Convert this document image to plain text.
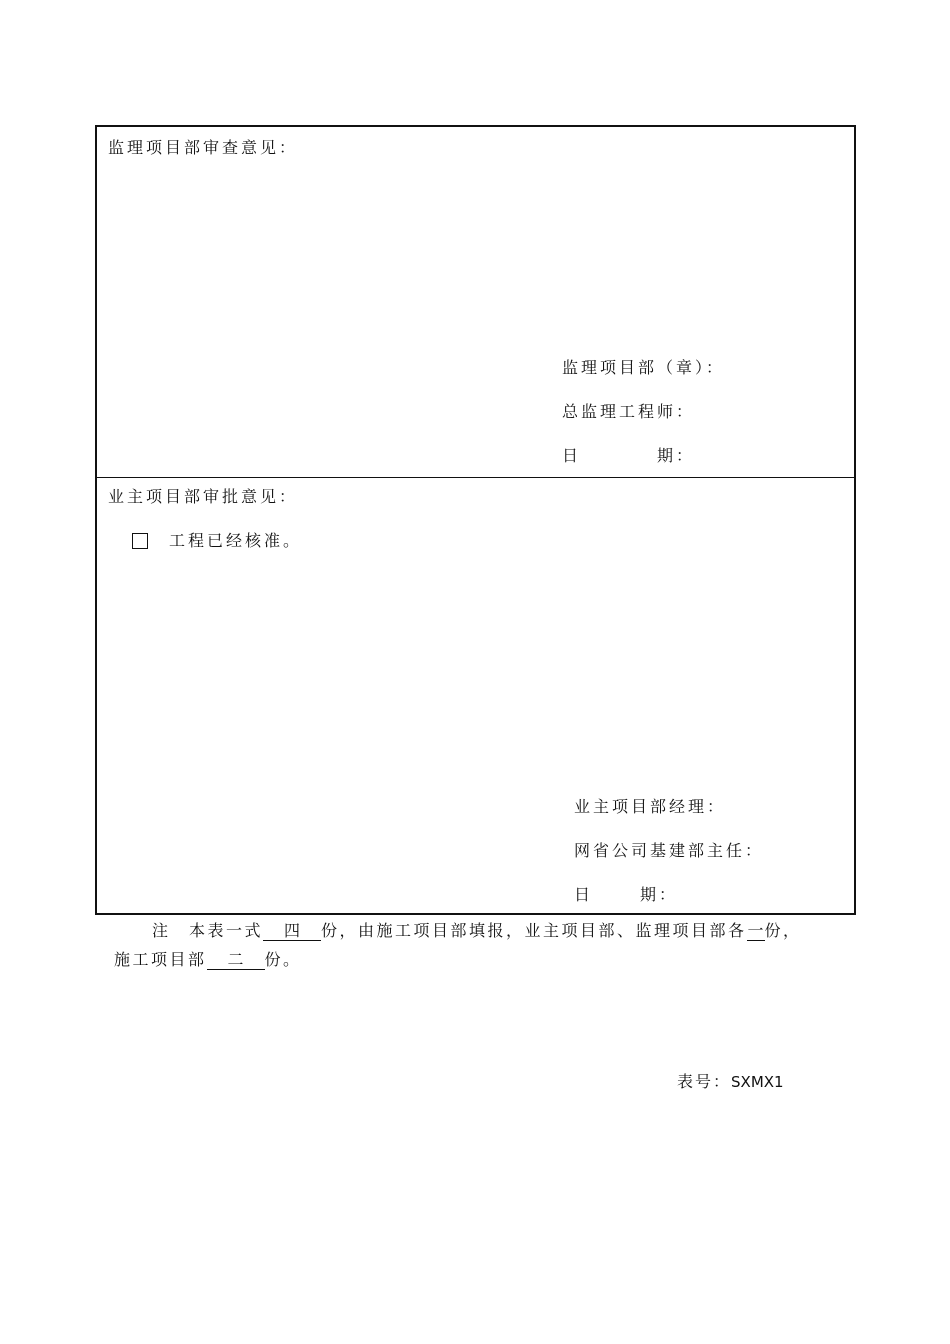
监理项目部审查意见：
监理项目部（章）：
总监理工程师：
日	期：
业主项目部审批意见：
工程已经核准。
业主项目部经理：
网省公司基建部主任：
日	期：
注　本表一式 四 份，由施工项目部填报，业主项目部、监理项目部各一份，
施工项目部 二 份。
表号：SXMX1
